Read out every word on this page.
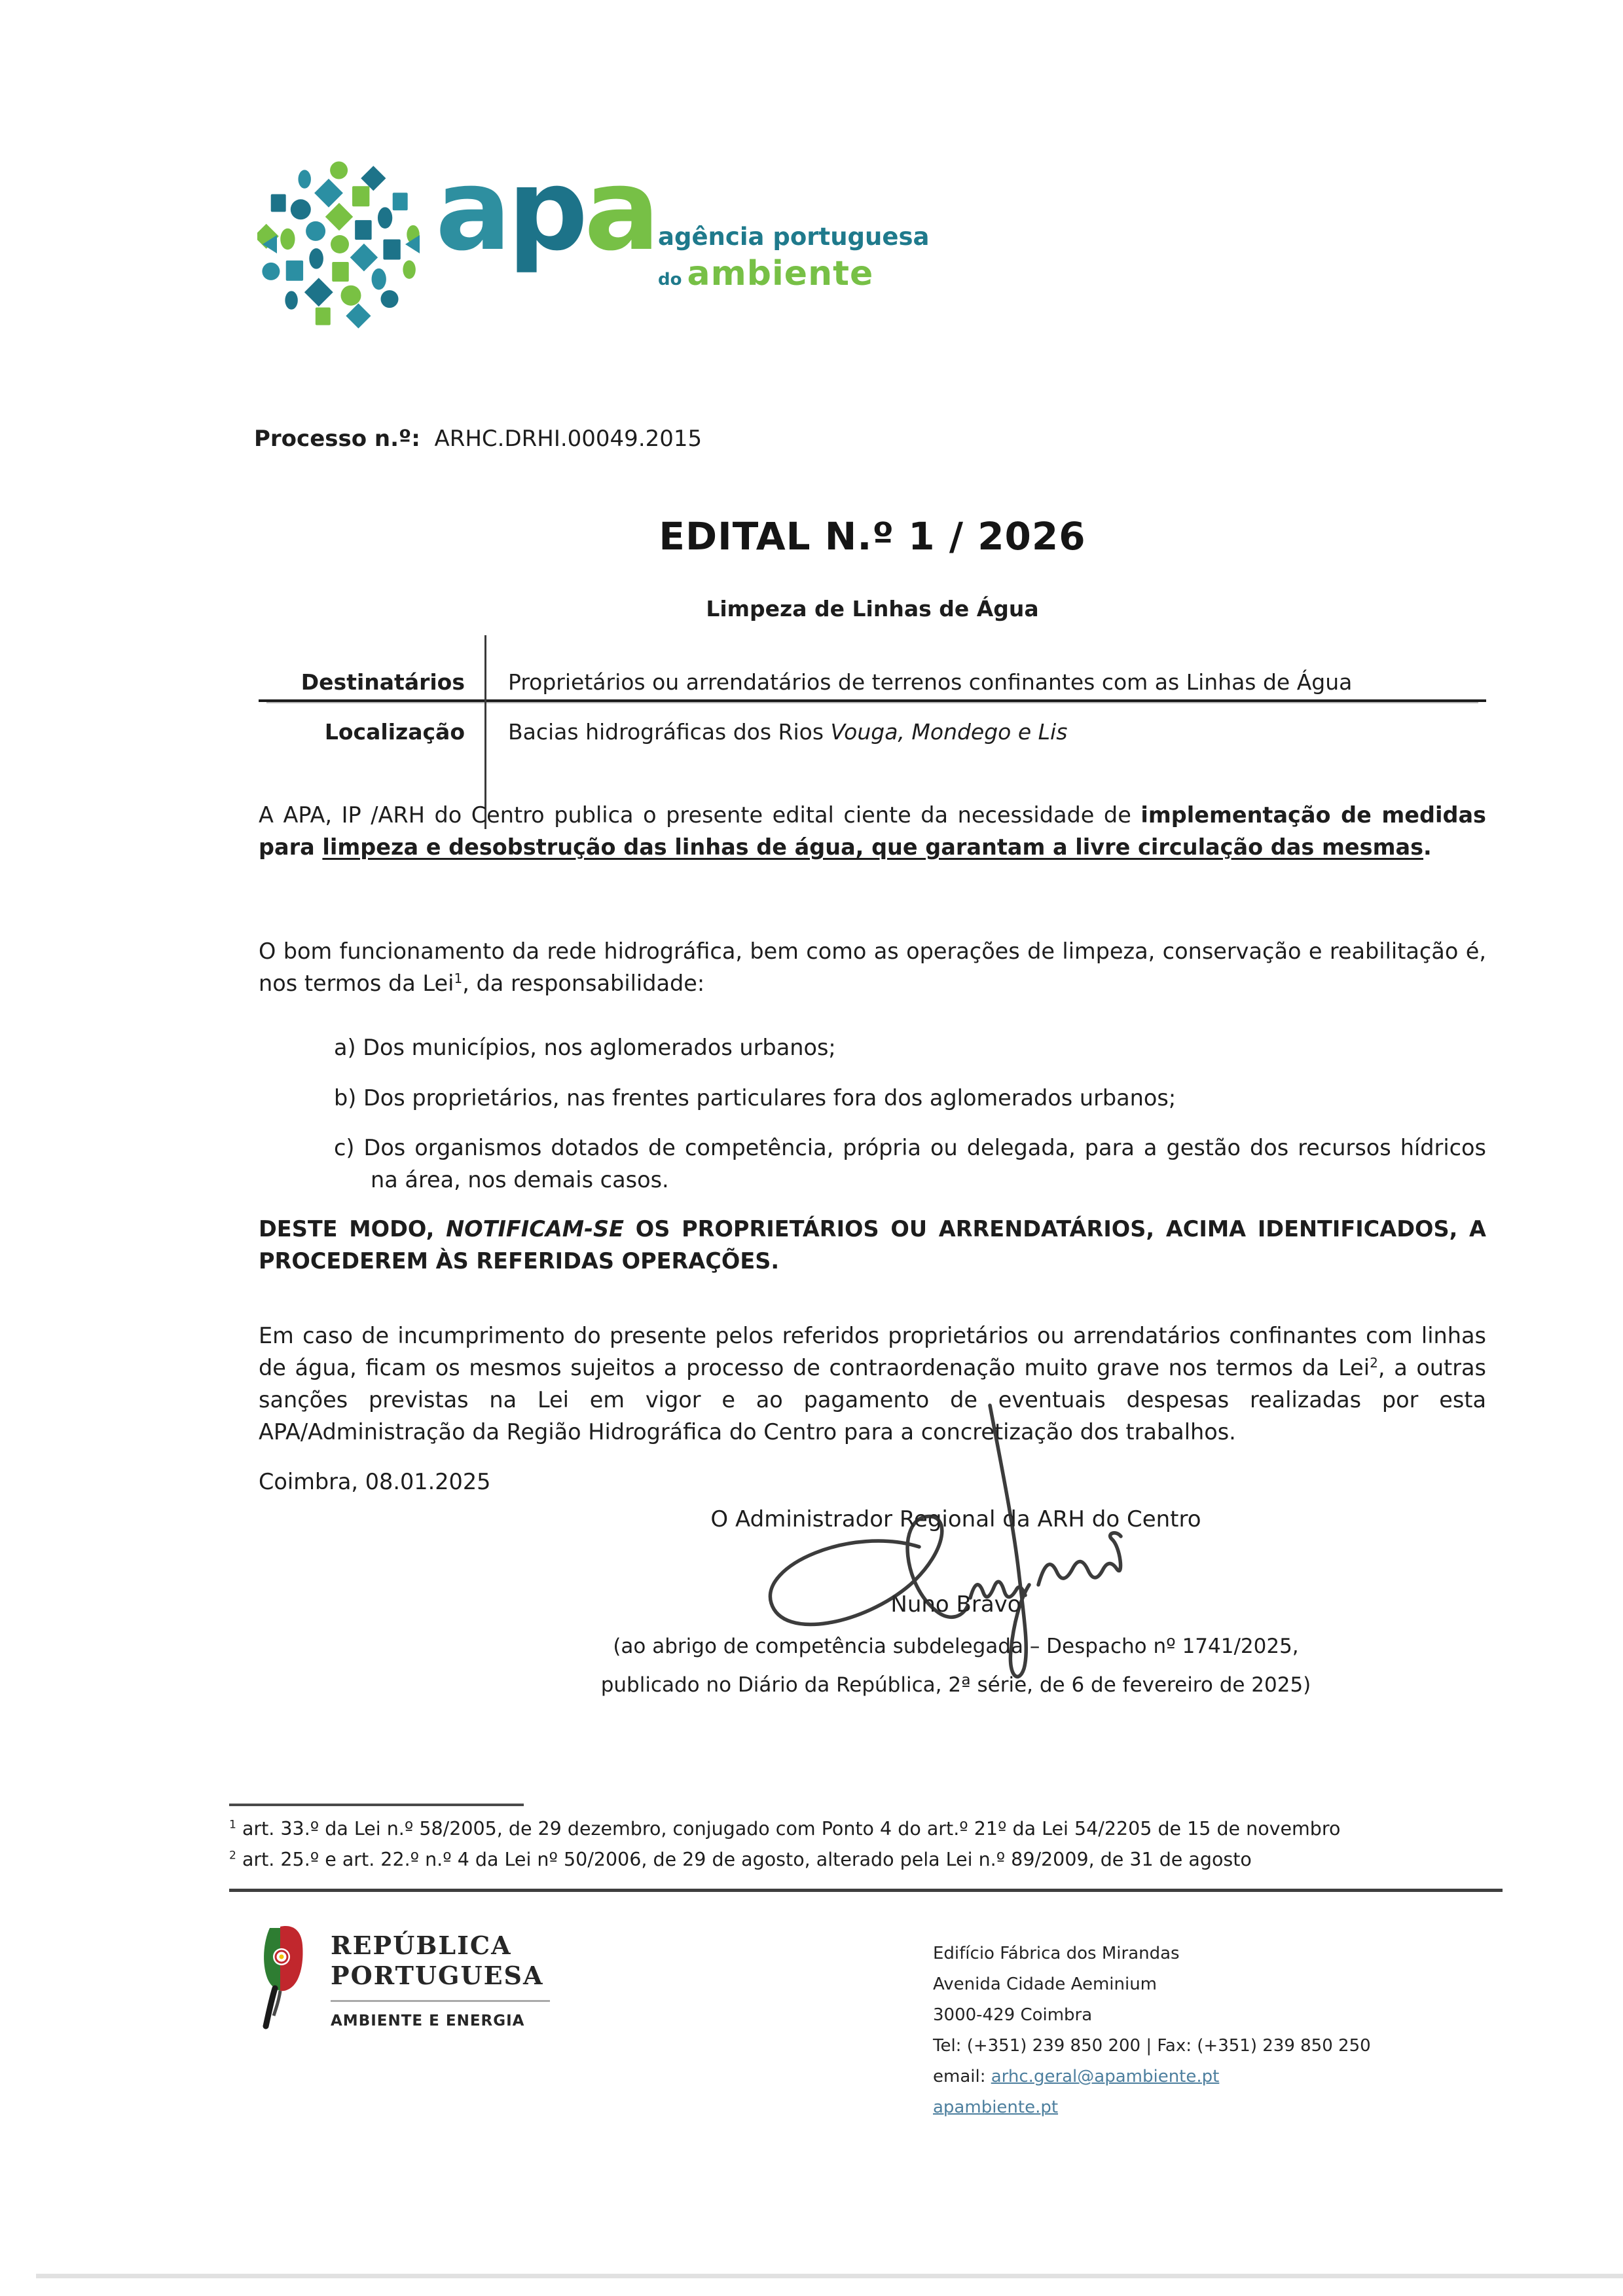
apa agência portuguesa
do ambiente
Processo n.º: ARHC.DRHI.00049.2015
EDITAL N.º 1 / 2026
Limpeza de Linhas de Água
Destinatários	Proprietários ou arrendatários de terrenos confinantes com as Linhas de Água
Localização	Bacias hidrográficas dos Rios Vouga, Mondego e Lis
A APA, IP /ARH do Centro publica o presente edital ciente da necessidade de implementação de medidas para limpeza e desobstrução das linhas de água, que garantam a livre circulação das mesmas.
O bom funcionamento da rede hidrográfica, bem como as operações de limpeza, conservação e reabilitação é, nos termos da Lei$^1$, da responsabilidade:
a) Dos municípios, nos aglomerados urbanos;
b) Dos proprietários, nas frentes particulares fora dos aglomerados urbanos;
c) Dos organismos dotados de competência, própria ou delegada, para a gestão dos recursos hídricos na área, nos demais casos.
DESTE MODO, NOTIFICAM-SE OS PROPRIETÁRIOS OU ARRENDATÁRIOS, ACIMA IDENTIFICADOS, A PROCEDEREM ÀS REFERIDAS OPERAÇÕES.
Em caso de incumprimento do presente pelos referidos proprietários ou arrendatários confinantes com linhas de água, ficam os mesmos sujeitos a processo de contraordenação muito grave nos termos da Lei$^2$, a outras sanções previstas na Lei em vigor e ao pagamento de eventuais despesas realizadas por esta APA/Administração da Região Hidrográfica do Centro para a concretização dos trabalhos.
Coimbra, 08.01.2025
O Administrador Regional da ARH do Centro
Nuno Bravo
(ao abrigo de competência subdelegada – Despacho nº 1741/2025,
publicado no Diário da República, 2ª série, de 6 de fevereiro de 2025)
$^1$ art. 33.º da Lei n.º 58/2005, de 29 dezembro, conjugado com Ponto 4 do art.º 21º da Lei 54/2205 de 15 de novembro
$^2$ art. 25.º e art. 22.º n.º 4 da Lei nº 50/2006, de 29 de agosto, alterado pela Lei n.º 89/2009, de 31 de agosto
REPÚBLICA
PORTUGUESA
AMBIENTE E ENERGIA
Edifício Fábrica dos Mirandas
Avenida Cidade Aeminium
3000-429 Coimbra
Tel: (+351) 239 850 200 | Fax: (+351) 239 850 250
email: arhc.geral@apambiente.pt
apambiente.pt
